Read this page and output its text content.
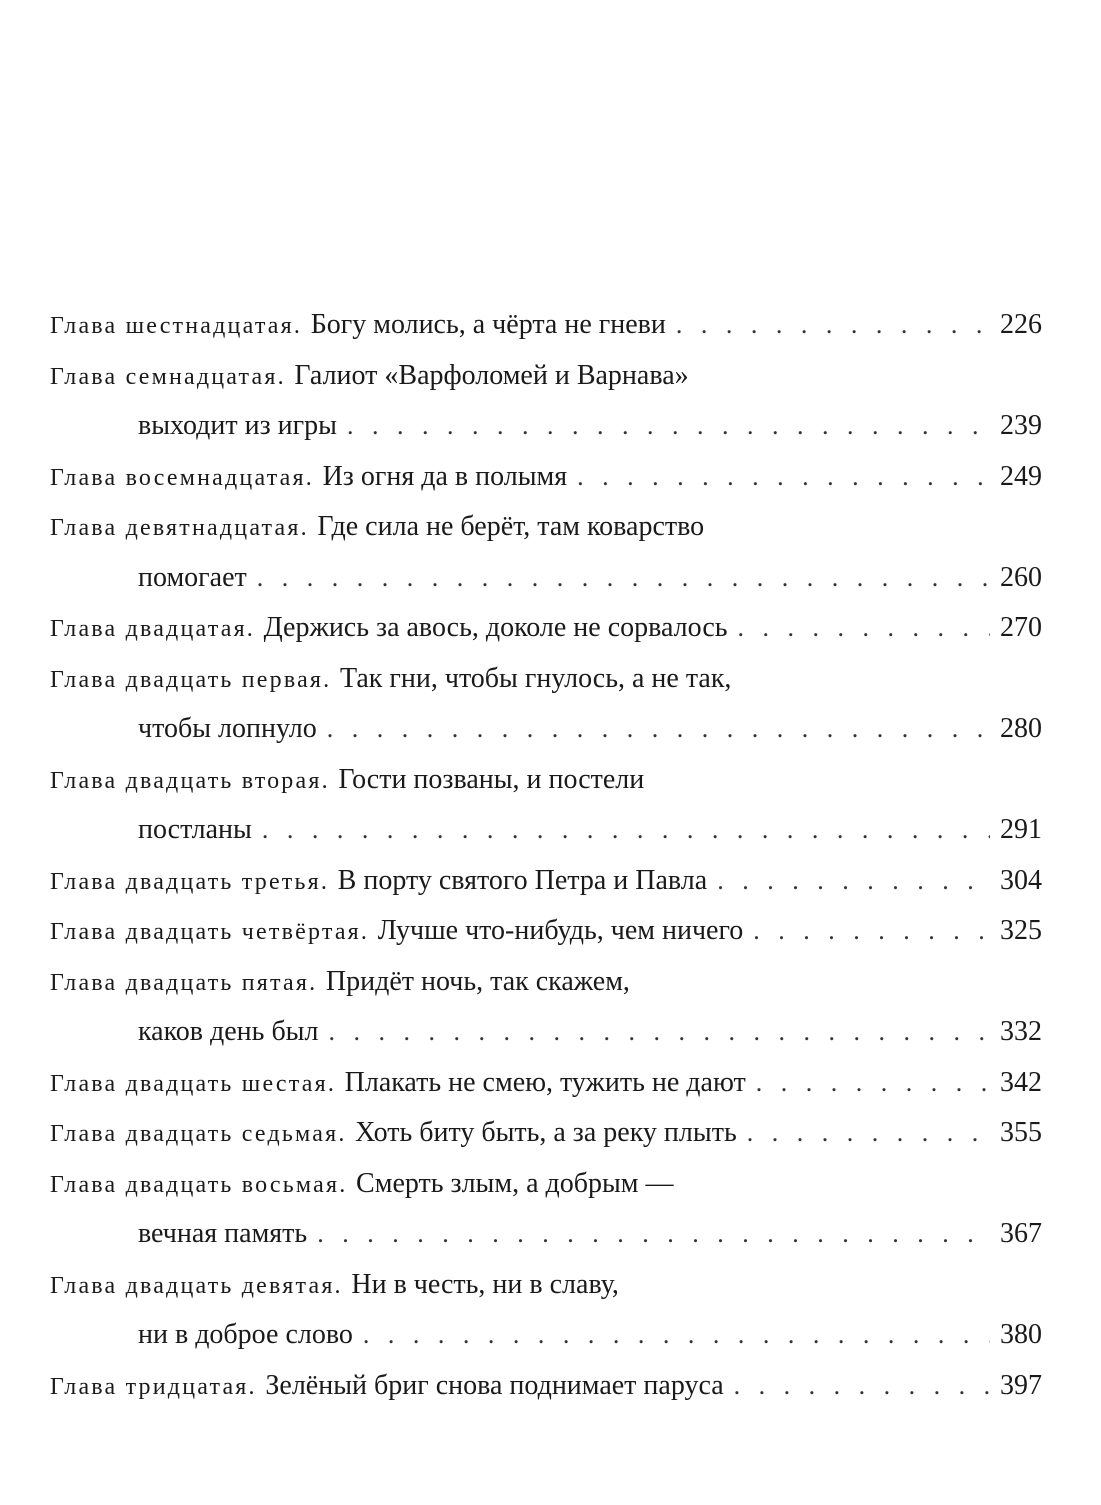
Глава шестнадцатая.
Богу молись, а чёрта не гневи . . .	226
Глава семнадцатая.
Галиот «Варфоломей и Варнава»
выходит из игры . . .	239
Глава восемнадцатая.
Из огня да в полымя . . .	249
Глава девятнадцатая.
Где сила не берёт, там коварство
помогает . . .	260
Глава двадцатая.
Держись за авось, доколе не сорвалось . . .	270
Глава двадцать первая.
Так гни, чтобы гнулось, а не так,
чтобы лопнуло . . .	280
Глава двадцать вторая.
Гости позваны, и постели
постланы . . .	291
Глава двадцать третья.
В порту святого Петра и Павла . . .	304
Глава двадцать четвёртая.
Лучше что-нибудь, чем ничего . . .	325
Глава двадцать пятая.
Придёт ночь, так скажем,
каков день был . . .	332
Глава двадцать шестая.
Плакать не смею, тужить не дают . . .	342
Глава двадцать седьмая.
Хоть биту быть, а за реку плыть . . .	355
Глава двадцать восьмая.
Смерть злым, а добрым —
вечная память . . .	367
Глава двадцать девятая.
Ни в честь, ни в славу,
ни в доброе слово . . .	380
Глава тридцатая.
Зелёный бриг снова поднимает паруса . . .	397
